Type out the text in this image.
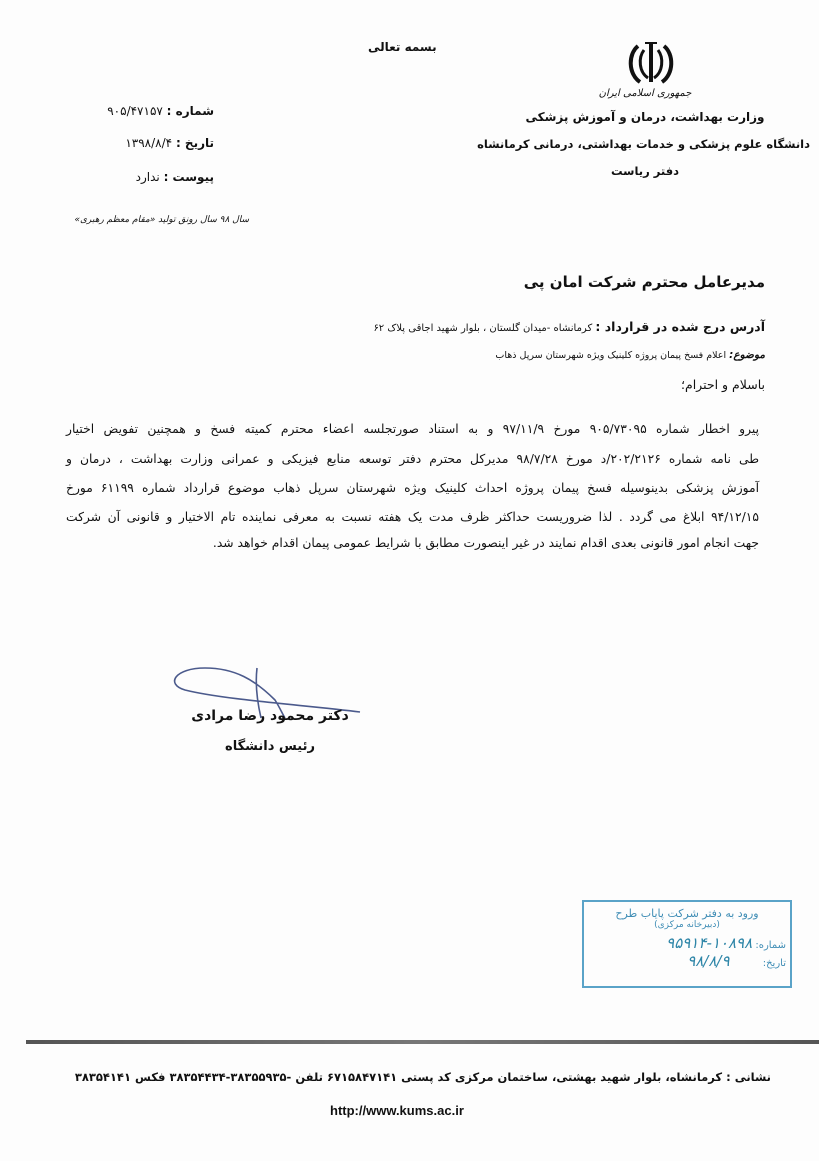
بسمه تعالی
جمهوری اسلامی ایران
وزارت بهداشت، درمان و آموزش پزشکی
دانشگاه علوم پزشکی و خدمات بهداشتی، درمانی کرمانشاه
دفتر ریاست
شماره : ۹۰۵/۴۷۱۵۷
تاریخ : ۱۳۹۸/۸/۴
پیوست : ندارد
سال ۹۸ سال رونق تولید «مقام معظم رهبری»
مدیرعامل محترم شرکت امان پی
آدرس درج شده در قرارداد : کرمانشاه -میدان گلستان ، بلوار شهید اجاقی پلاک ۶۲
موضوع: اعلام فسخ پیمان پروژه کلینیک ویژه شهرستان سرپل ذهاب
باسلام و احترام؛
پیرو اخطار شماره ۹۰۵/۷۳۰۹۵ مورخ ۹۷/۱۱/۹ و به استناد صورتجلسه اعضاء محترم کمیته فسخ و همچنین تفویض اختیار
طی نامه شماره ۲۰۲/۲۱۲۶/د مورخ ۹۸/۷/۲۸ مدیرکل محترم دفتر توسعه منابع فیزیکی و عمرانی وزارت بهداشت ، درمان و
آموزش پزشکی بدینوسیله فسخ پیمان پروژه احداث کلینیک ویژه شهرستان سرپل ذهاب موضوع قرارداد شماره ۶۱۱۹۹ مورخ
۹۴/۱۲/۱۵ ابلاغ می گردد . لذا ضروریست حداکثر ظرف مدت یک هفته نسبت به معرفی نماینده تام الاختیار و قانونی آن شرکت
جهت انجام امور قانونی بعدی اقدام نمایند در غیر اینصورت مطابق با شرایط عمومی پیمان اقدام خواهد شد.
دکتر محمود رضا مرادی
رئیس دانشگاه
ورود به دفتر شرکت پایاب طرح
(دبیرخانه مرکزی)
شماره: ۱۰۸۹۸-۹۵۹۱۴
تاریخ: ۹۸/۸/۹
نشانی : کرمانشاه، بلوار شهید بهشتی، ساختمان مرکزی کد پستی ۶۷۱۵۸۴۷۱۴۱ تلفن -۳۸۳۵۵۹۳۵-۳۸۳۵۴۴۳۴ فکس ۳۸۳۵۴۱۴۱
http://www.kums.ac.ir
